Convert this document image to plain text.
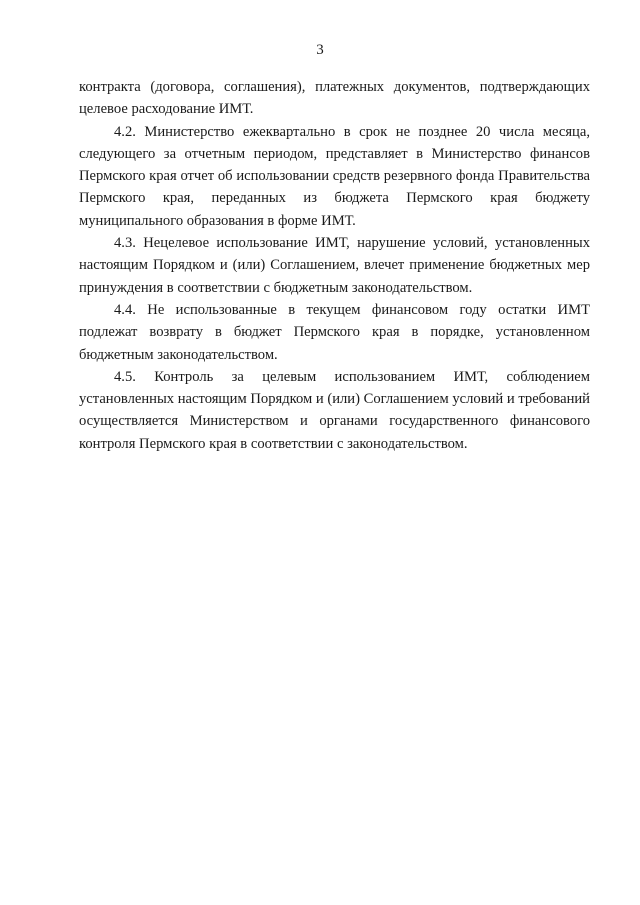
3

контракта (договора, соглашения), платежных документов, подтверждающих целевое расходование ИМТ.

4.2. Министерство ежеквартально в срок не позднее 20 числа месяца, следующего за отчетным периодом, представляет в Министерство финансов Пермского края отчет об использовании средств резервного фонда Правительства Пермского края, переданных из бюджета Пермского края бюджету муниципального образования в форме ИМТ.

4.3. Нецелевое использование ИМТ, нарушение условий, установленных настоящим Порядком и (или) Соглашением, влечет применение бюджетных мер принуждения в соответствии с бюджетным законодательством.

4.4. Не использованные в текущем финансовом году остатки ИМТ подлежат возврату в бюджет Пермского края в порядке, установленном бюджетным законодательством.

4.5. Контроль за целевым использованием ИМТ, соблюдением установленных настоящим Порядком и (или) Соглашением условий и требований осуществляется Министерством и органами государственного финансового контроля Пермского края в соответствии с законодательством.
